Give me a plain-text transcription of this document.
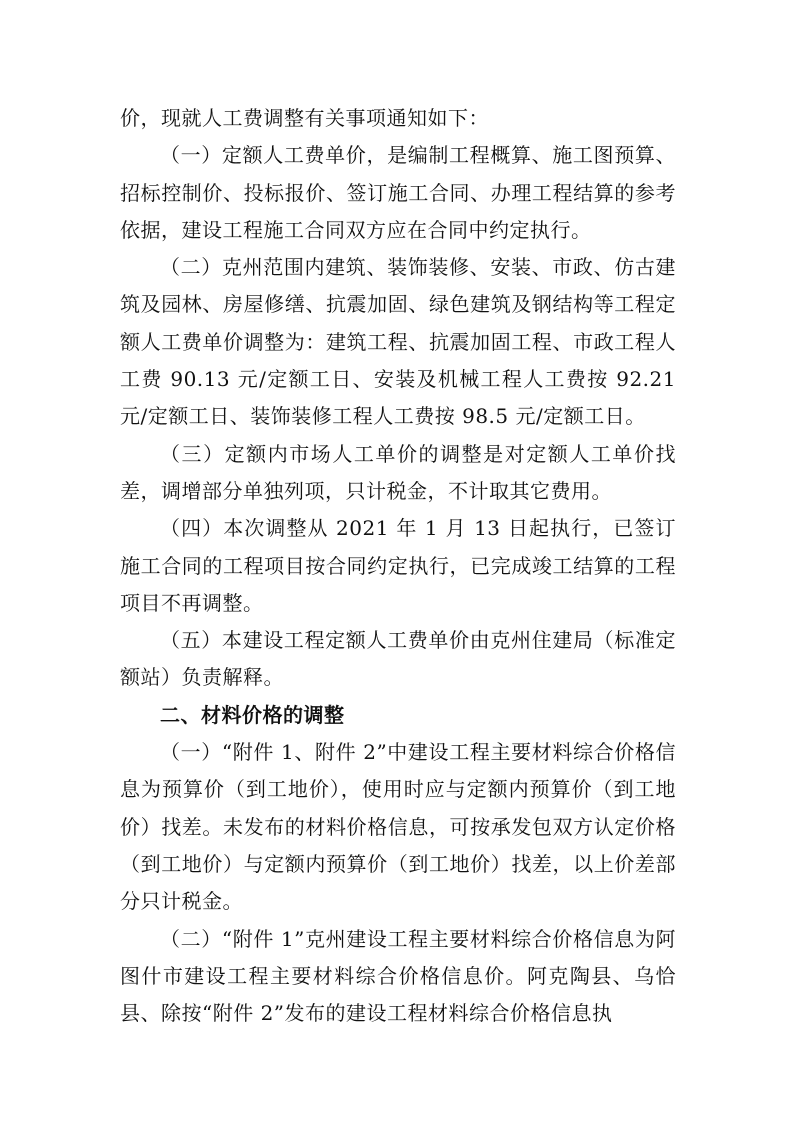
价，现就人工费调整有关事项通知如下：

（一）定额人工费单价，是编制工程概算、施工图预算、招标控制价、投标报价、签订施工合同、办理工程结算的参考依据，建设工程施工合同双方应在合同中约定执行。

（二）克州范围内建筑、装饰装修、安装、市政、仿古建筑及园林、房屋修缮、抗震加固、绿色建筑及钢结构等工程定额人工费单价调整为：建筑工程、抗震加固工程、市政工程人工费 90.13 元/定额工日、安装及机械工程人工费按 92.21 元/定额工日、装饰装修工程人工费按 98.5 元/定额工日。

（三）定额内市场人工单价的调整是对定额人工单价找差，调增部分单独列项，只计税金，不计取其它费用。

（四）本次调整从 2021 年 1 月 13 日起执行，已签订施工合同的工程项目按合同约定执行，已完成竣工结算的工程项目不再调整。

（五）本建设工程定额人工费单价由克州住建局（标准定额站）负责解释。

二、材料价格的调整

（一）“附件 1、附件 2”中建设工程主要材料综合价格信息为预算价（到工地价），使用时应与定额内预算价（到工地价）找差。未发布的材料价格信息，可按承发包双方认定价格（到工地价）与定额内预算价（到工地价）找差，以上价差部分只计税金。

（二）“附件 1”克州建设工程主要材料综合价格信息为阿图什市建设工程主要材料综合价格信息价。阿克陶县、乌恰县、除按“附件 2”发布的建设工程材料综合价格信息执
